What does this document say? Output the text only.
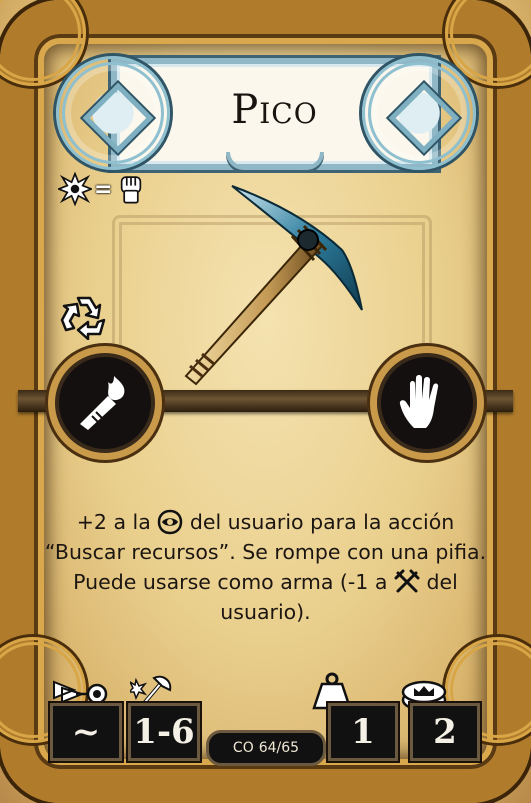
Pico
=
+2 a la del usuario para la acción
“Buscar recursos”. Se rompe con una pifia.
Puede usarse como arma (-1 a del usuario).
~ 1-6	1	2
CO 64/65
